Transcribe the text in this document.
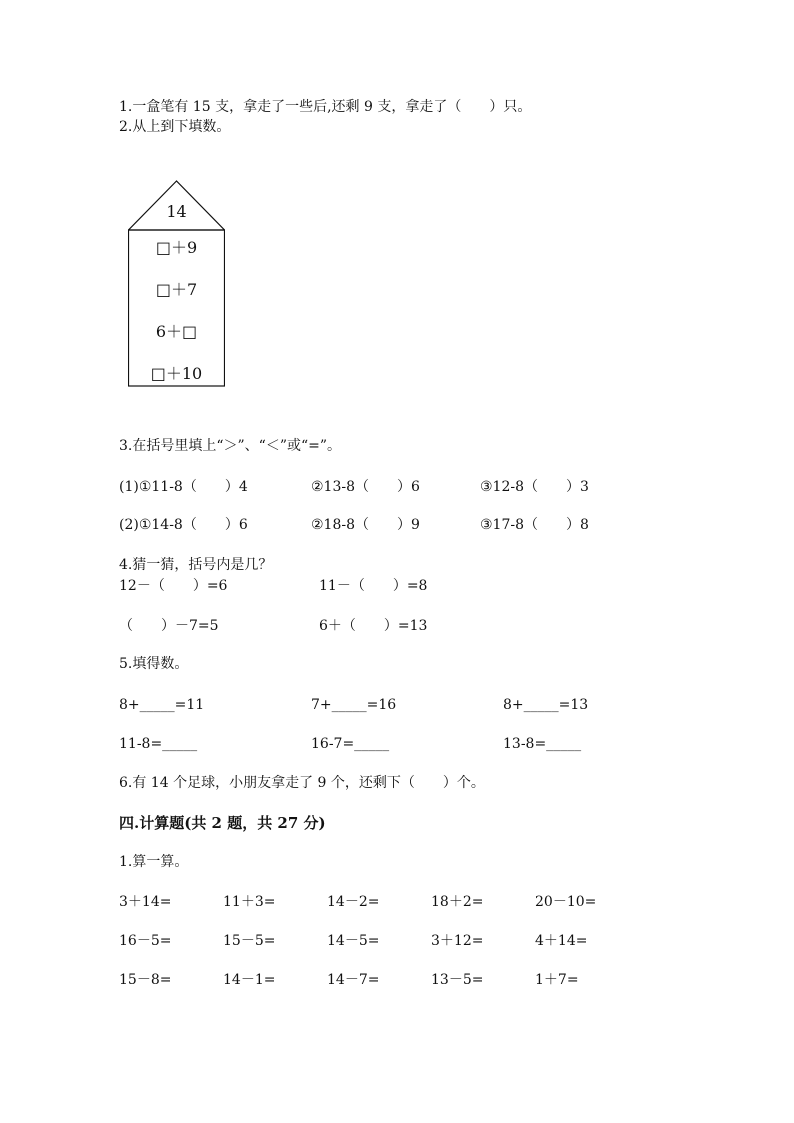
1.一盒笔有 15 支，拿走了一些后,还剩 9 支，拿走了（　　）只。
2.从上到下填数。
14
□＋9
□＋7
6＋□
□＋10
3.在括号里填上“＞”、“＜”或“=”。
(1)①11-8（　　）4	②13-8（　　）6	③12-8（　　）3
(2)①14-8（　　）6	②18-8（　　）9	③17-8（　　）8
4.猜一猜，括号内是几？
12－（　　）=6	11－（　　）=8
（　　）－7=5	6＋（　　）=13
5.填得数。
8+_____=11	7+_____=16	8+_____=13
11-8=_____	16-7=_____	13-8=_____
6.有 14 个足球，小朋友拿走了 9 个，还剩下（　　）个。
四.计算题(共 2 题，共 27 分)
1.算一算。
3＋14=	11＋3=	14－2=	18＋2=	20－10=
16－5=	15－5=	14－5=	3＋12=	4＋14=
15－8=	14－1=	14－7=	13－5=	1＋7=
